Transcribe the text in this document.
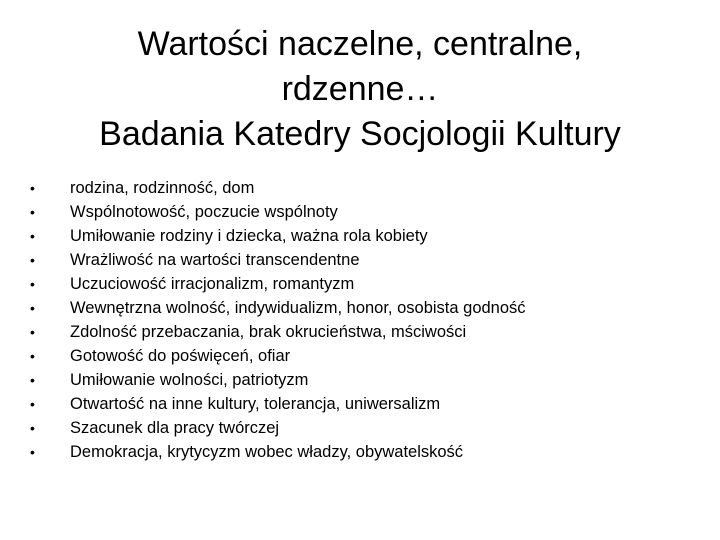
Wartości naczelne, centralne,
rdzenne…
Badania Katedry Socjologii Kultury
•	rodzina, rodzinność, dom
•	Wspólnotowość, poczucie wspólnoty
•	Umiłowanie rodziny i dziecka, ważna rola kobiety
•	Wrażliwość na wartości transcendentne
•	Uczuciowość irracjonalizm, romantyzm
•	Wewnętrzna wolność, indywidualizm, honor, osobista godność
•	Zdolność przebaczania, brak okrucieństwa, mściwości
•	Gotowość do poświęceń, ofiar
•	Umiłowanie wolności, patriotyzm
•	Otwartość na inne kultury, tolerancja, uniwersalizm
•	Szacunek dla pracy twórczej
•	Demokracja, krytycyzm wobec władzy, obywatelskość
